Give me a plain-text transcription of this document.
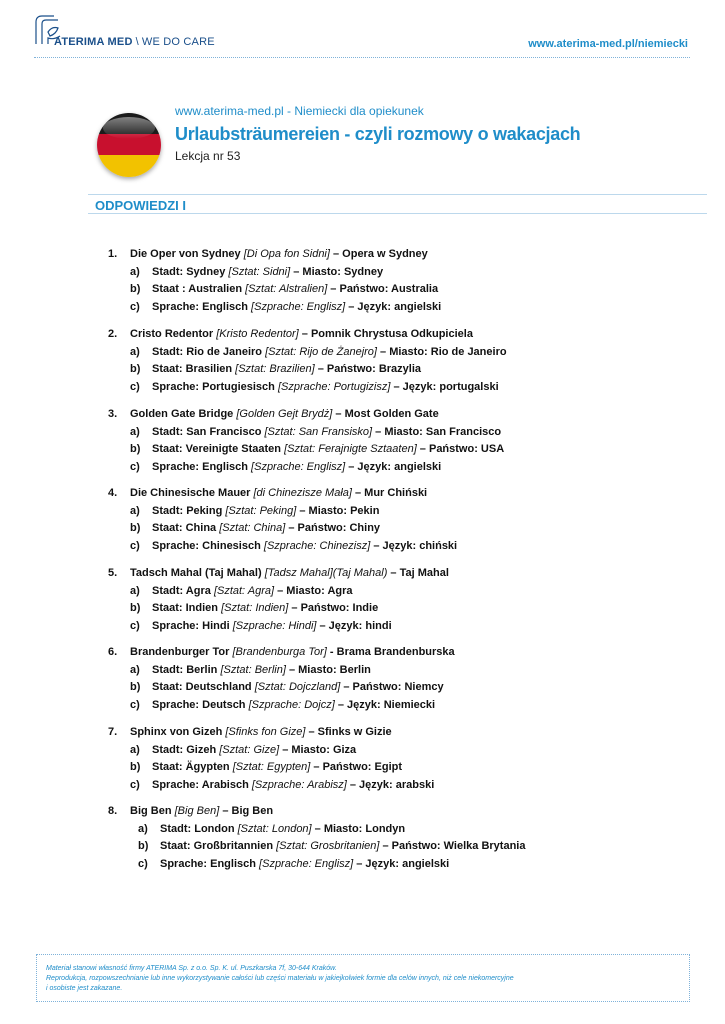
ATERIMA MED \ WE DO CARE	www.aterima-med.pl/niemiecki
www.aterima-med.pl - Niemiecki dla opiekunek
Urlaubsträumereien - czyli rozmowy o wakacjach
Lekcja nr 53
ODPOWIEDZI I
1. Die Oper von Sydney [Di Opa fon Sidni] – Opera w Sydney
a) Stadt: Sydney [Sztat: Sidni] – Miasto: Sydney
b) Staat : Australien [Sztat: Alstralien] – Państwo: Australia
c) Sprache: Englisch [Szprache: Englisz] – Język: angielski
2. Cristo Redentor [Kristo Redentor] – Pomnik Chrystusa Odkupiciela
a) Stadt: Rio de Janeiro [Sztat: Rijo de Żanejro] – Miasto: Rio de Janeiro
b) Staat: Brasilien [Sztat: Brazilien] – Państwo: Brazylia
c) Sprache: Portugiesisch [Szprache: Portugizisz] – Język: portugalski
3. Golden Gate Bridge [Golden Gejt Brydż] – Most Golden Gate
a) Stadt: San Francisco [Sztat: San Fransisko] – Miasto: San Francisco
b) Staat: Vereinigte Staaten [Sztat: Ferajnigte Sztaaten] – Państwo: USA
c) Sprache: Englisch [Szprache: Englisz] – Język: angielski
4. Die Chinesische Mauer [di Chinezisze Mała] – Mur Chiński
a) Stadt: Peking [Sztat: Peking] – Miasto: Pekin
b) Staat: China [Sztat: China] – Państwo: Chiny
c) Sprache: Chinesisch [Szprache: Chinezisz] – Język: chiński
5. Tadsch Mahal (Taj Mahal) [Tadsz Mahal](Taj Mahal) – Taj Mahal
a) Stadt: Agra [Sztat: Agra] – Miasto: Agra
b) Staat: Indien [Sztat: Indien] – Państwo: Indie
c) Sprache: Hindi [Szprache: Hindi] – Język: hindi
6. Brandenburger Tor [Brandenburga Tor] - Brama Brandenburska
a) Stadt: Berlin [Sztat: Berlin] – Miasto: Berlin
b) Staat: Deutschland [Sztat: Dojczland] – Państwo: Niemcy
c) Sprache: Deutsch [Szprache: Dojcz] – Język: Niemiecki
7. Sphinx von Gizeh [Sfinks fon Gize] – Sfinks w Gizie
a) Stadt: Gizeh [Sztat: Gize] – Miasto: Giza
b) Staat: Ägypten [Sztat: Egypten] – Państwo: Egipt
c) Sprache: Arabisch [Szprache: Arabisz] – Język: arabski
8. Big Ben [Big Ben] – Big Ben
a) Stadt: London [Sztat: London] – Miasto: Londyn
b) Staat: Großbritannien [Sztat: Grosbritanien] – Państwo: Wielka Brytania
c) Sprache: Englisch [Szprache: Englisz] – Język: angielski
Materiał stanowi własność firmy ATERIMA Sp. z o.o. Sp. K. ul. Puszkarska 7f, 30-644 Kraków.
Reprodukcja, rozpowszechnianie lub inne wykorzystywanie całości lub części materiału w jakiejkolwiek formie dla celów innych, niż cele niekomercyjne
i osobiste jest zakazane.
